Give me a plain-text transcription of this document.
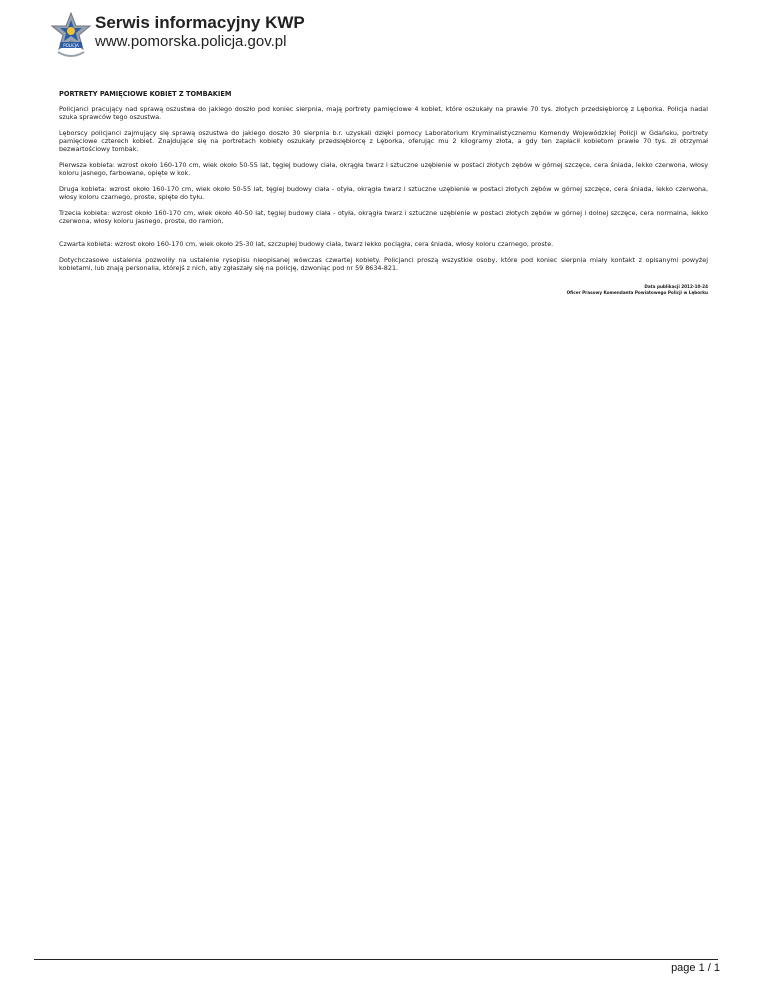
POLICJA
Serwis informacyjny KWP
www.pomorska.policja.gov.pl
PORTRETY PAMIĘCIOWE KOBIET Z TOMBAKIEM

Policjanci pracujący nad sprawą oszustwa do jakiego doszło pod koniec sierpnia, mają portrety pamięciowe 4 kobiet, które oszukały na prawie 70 tys. złotych przedsiębiorcę z Lęborka. Policja nadal szuka sprawców tego oszustwa.

Lęborscy policjanci zajmujący się sprawą oszustwa do jakiego doszło 30 sierpnia b.r. uzyskali dzięki pomocy Laboratorium Kryminalistycznemu Komendy Wojewódzkiej Policji w Gdańsku, portrety pamięciowe czterech kobiet. Znajdujące się na portretach kobiety oszukały przedsiębiorcę z Lęborka, oferując mu 2 kilogramy złota, a gdy ten zapłacił kobietom prawie 70 tys. zł otrzymał bezwartościowy tombak.

Pierwsza kobieta: wzrost około 160-170 cm, wiek około 50-55 lat, tęgiej budowy ciała, okrągła twarz i sztuczne uzębienie w postaci złotych zębów w górnej szczęce, cera śniada, lekko czerwona, włosy koloru jasnego, farbowane, opięte w kok.

Druga kobieta: wzrost około 160-170 cm, wiek około 50-55 lat, tęgiej budowy ciała - otyła, okrągła twarz i sztuczne uzębienie w postaci złotych zębów w górnej szczęce, cera śniada, lekko czerwona, włosy koloru czarnego, proste, spięte do tyłu.

Trzecia kobieta: wzrost około 160-170 cm, wiek około 40-50 lat, tęgiej budowy ciała - otyła, okrągła twarz i sztuczne uzębienie w postaci złotych zębów w górnej i dolnej szczęce, cera normalna, lekko czerwona, włosy koloru jasnego, proste, do ramion,

Czwarta kobieta: wzrost około 160-170 cm, wiek około 25-30 lat, szczupłej budowy ciała, twarz lekko pociągła, cera śniada, włosy koloru czarnego, proste.

Dotychczasowe ustalenia pozwoliły na ustalenie rysopisu nieopisanej wówczas czwartej kobiety. Policjanci proszą wszystkie osoby, które pod koniec sierpnia miały kontakt z opisanymi powyżej kobietami, lub znają personalia, którejś z nich, aby zgłaszały się na policję, dzwoniąc pod nr 59 8634-821.

Data publikacji 2012-10-24
Oficer Prasowy Komendanta Powiatowego Policji w Lęborku
page 1 / 1
